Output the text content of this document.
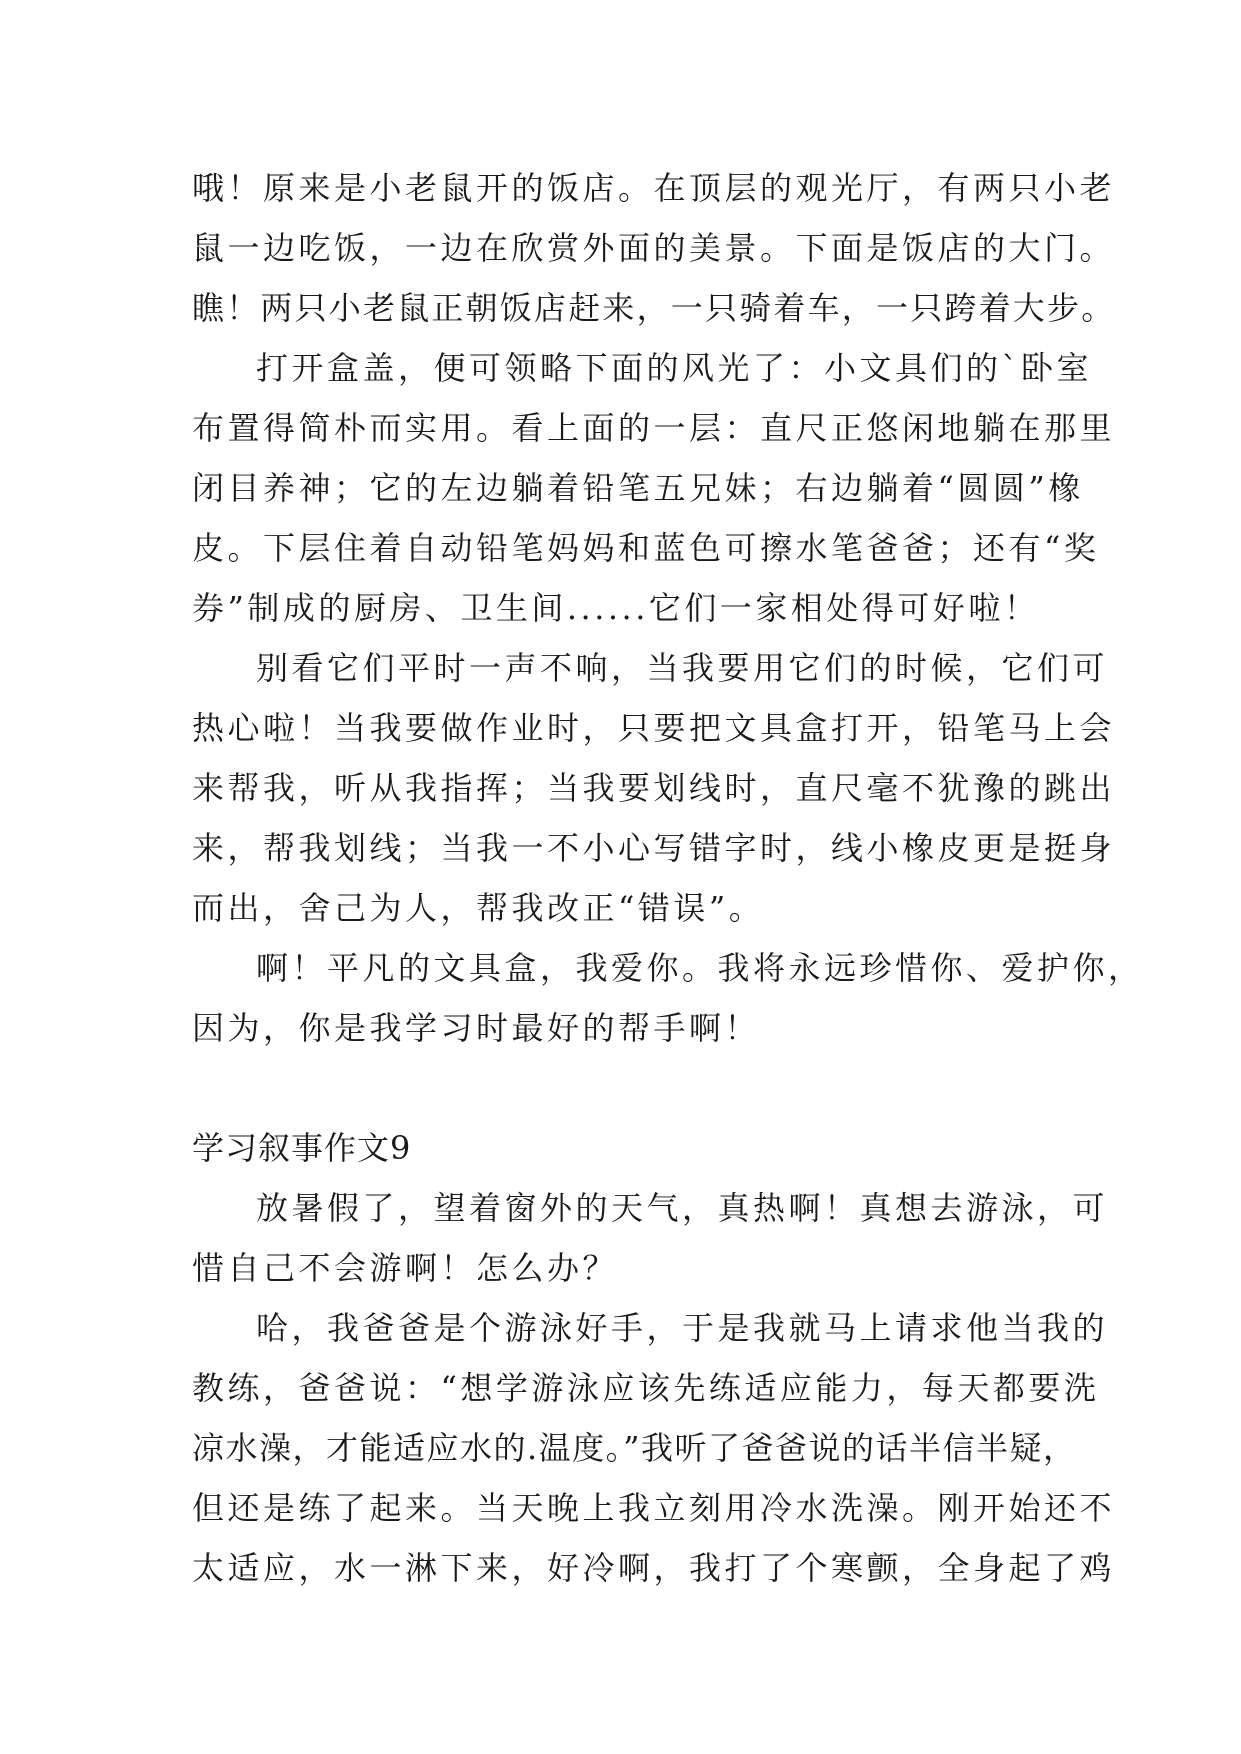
哦！原来是小老鼠开的饭店。在顶层的观光厅，有两只小老
鼠一边吃饭，一边在欣赏外面的美景。下面是饭店的大门。
瞧！两只小老鼠正朝饭店赶来，一只骑着车，一只跨着大步。
打开盒盖，便可领略下面的风光了：小文具们的`卧室
布置得简朴而实用。看上面的一层：直尺正悠闲地躺在那里
闭目养神；它的左边躺着铅笔五兄妹；右边躺着“圆圆”橡
皮。下层住着自动铅笔妈妈和蓝色可擦水笔爸爸；还有“奖
券”制成的厨房、卫生间......它们一家相处得可好啦！
别看它们平时一声不响，当我要用它们的时候，它们可
热心啦！当我要做作业时，只要把文具盒打开，铅笔马上会
来帮我，听从我指挥；当我要划线时，直尺毫不犹豫的跳出
来，帮我划线；当我一不小心写错字时，线小橡皮更是挺身
而出，舍己为人，帮我改正“错误”。
啊！平凡的文具盒，我爱你。我将永远珍惜你、爱护你，
因为，你是我学习时最好的帮手啊！
学习叙事作文9
放暑假了，望着窗外的天气，真热啊！真想去游泳，可
惜自己不会游啊！怎么办？
哈，我爸爸是个游泳好手，于是我就马上请求他当我的
教练，爸爸说：“想学游泳应该先练适应能力，每天都要洗
凉水澡，才能适应水的.温度。”我听了爸爸说的话半信半疑，
但还是练了起来。当天晚上我立刻用冷水洗澡。刚开始还不
太适应，水一淋下来，好冷啊，我打了个寒颤，全身起了鸡
